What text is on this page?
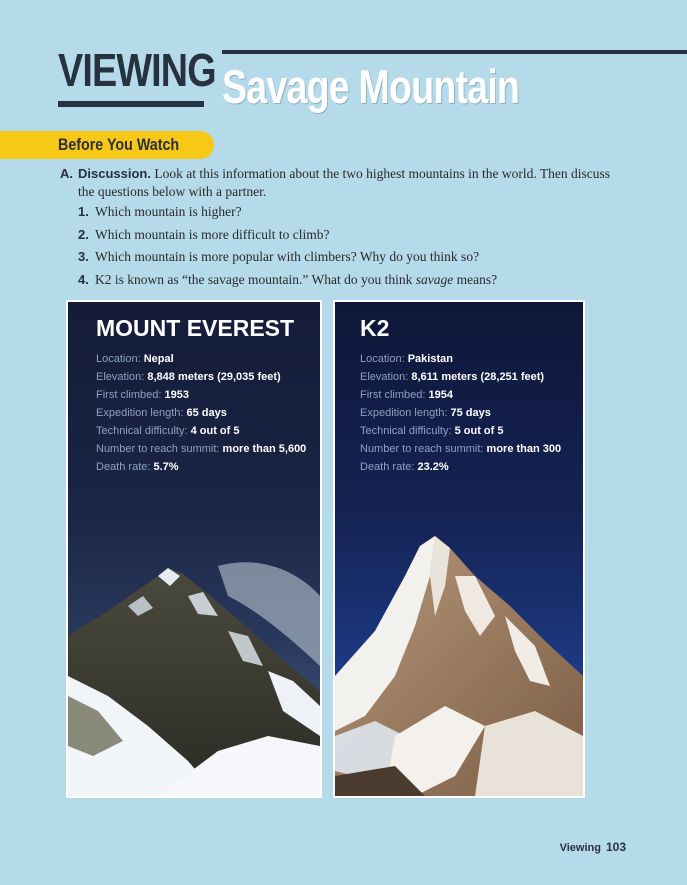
VIEWING Savage Mountain
Before You Watch
A. Discussion. Look at this information about the two highest mountains in the world. Then discuss the questions below with a partner.
1. Which mountain is higher?
2. Which mountain is more difficult to climb?
3. Which mountain is more popular with climbers? Why do you think so?
4. K2 is known as “the savage mountain.” What do you think savage means?
MOUNT EVEREST
Location: Nepal
Elevation: 8,848 meters (29,035 feet)
First climbed: 1953
Expedition length: 65 days
Technical difficulty: 4 out of 5
Number to reach summit: more than 5,600
Death rate: 5.7%
K2
Location: Pakistan
Elevation: 8,611 meters (28,251 feet)
First climbed: 1954
Expedition length: 75 days
Technical difficulty: 5 out of 5
Number to reach summit: more than 300
Death rate: 23.2%
Viewing 103
